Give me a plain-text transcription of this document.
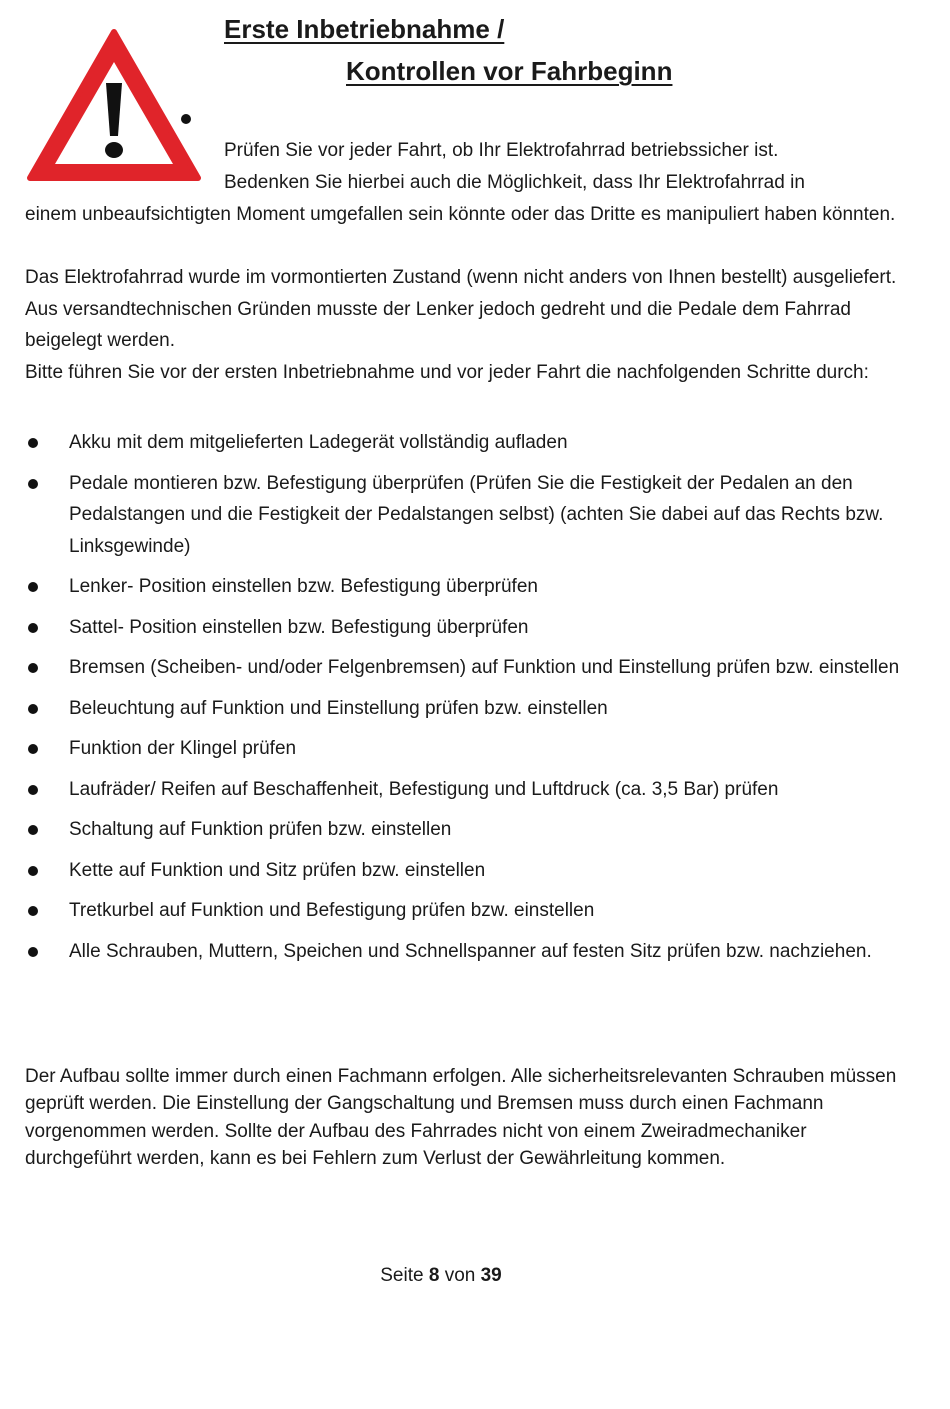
Erste Inbetriebnahme /
Kontrollen vor Fahrbeginn

Prüfen Sie vor jeder Fahrt, ob Ihr Elektrofahrrad betriebssicher ist.

Bedenken Sie hierbei auch die Möglichkeit, dass Ihr Elektrofahrrad in

einem unbeaufsichtigten Moment umgefallen sein könnte oder das Dritte es manipuliert haben könnten.

Das Elektrofahrrad wurde im vormontierten Zustand (wenn nicht anders von Ihnen bestellt) ausgeliefert. Aus versandtechnischen Gründen musste der Lenker jedoch gedreht und die Pedale dem Fahrrad beigelegt werden.

Bitte führen Sie vor der ersten Inbetriebnahme und vor jeder Fahrt die nachfolgenden Schritte durch:

Akku mit dem mitgelieferten Ladegerät vollständig aufladen
Pedale montieren bzw. Befestigung überprüfen (Prüfen Sie die Festigkeit der Pedalen an den Pedalstangen und die Festigkeit der Pedalstangen selbst) (achten Sie dabei auf das Rechts bzw. Linksgewinde)
Lenker- Position einstellen bzw. Befestigung überprüfen
Sattel- Position einstellen bzw. Befestigung überprüfen
Bremsen (Scheiben- und/oder Felgenbremsen) auf Funktion und Einstellung prüfen bzw. einstellen
Beleuchtung auf Funktion und Einstellung prüfen bzw. einstellen
Funktion der Klingel prüfen
Laufräder/ Reifen auf Beschaffenheit, Befestigung und Luftdruck (ca. 3,5 Bar) prüfen
Schaltung auf Funktion prüfen bzw. einstellen
Kette auf Funktion und Sitz prüfen bzw. einstellen
Tretkurbel auf Funktion und Befestigung prüfen bzw. einstellen
Alle Schrauben, Muttern, Speichen und Schnellspanner auf festen Sitz prüfen bzw. nachziehen.

Der Aufbau sollte immer durch einen Fachmann erfolgen. Alle sicherheitsrelevanten Schrauben müssen geprüft werden. Die Einstellung der Gangschaltung und Bremsen muss durch einen Fachmann vorgenommen werden. Sollte der Aufbau des Fahrrades nicht von einem Zweiradmechaniker durchgeführt werden, kann es bei Fehlern zum Verlust der Gewährleitung kommen.

Seite 8 von 39
